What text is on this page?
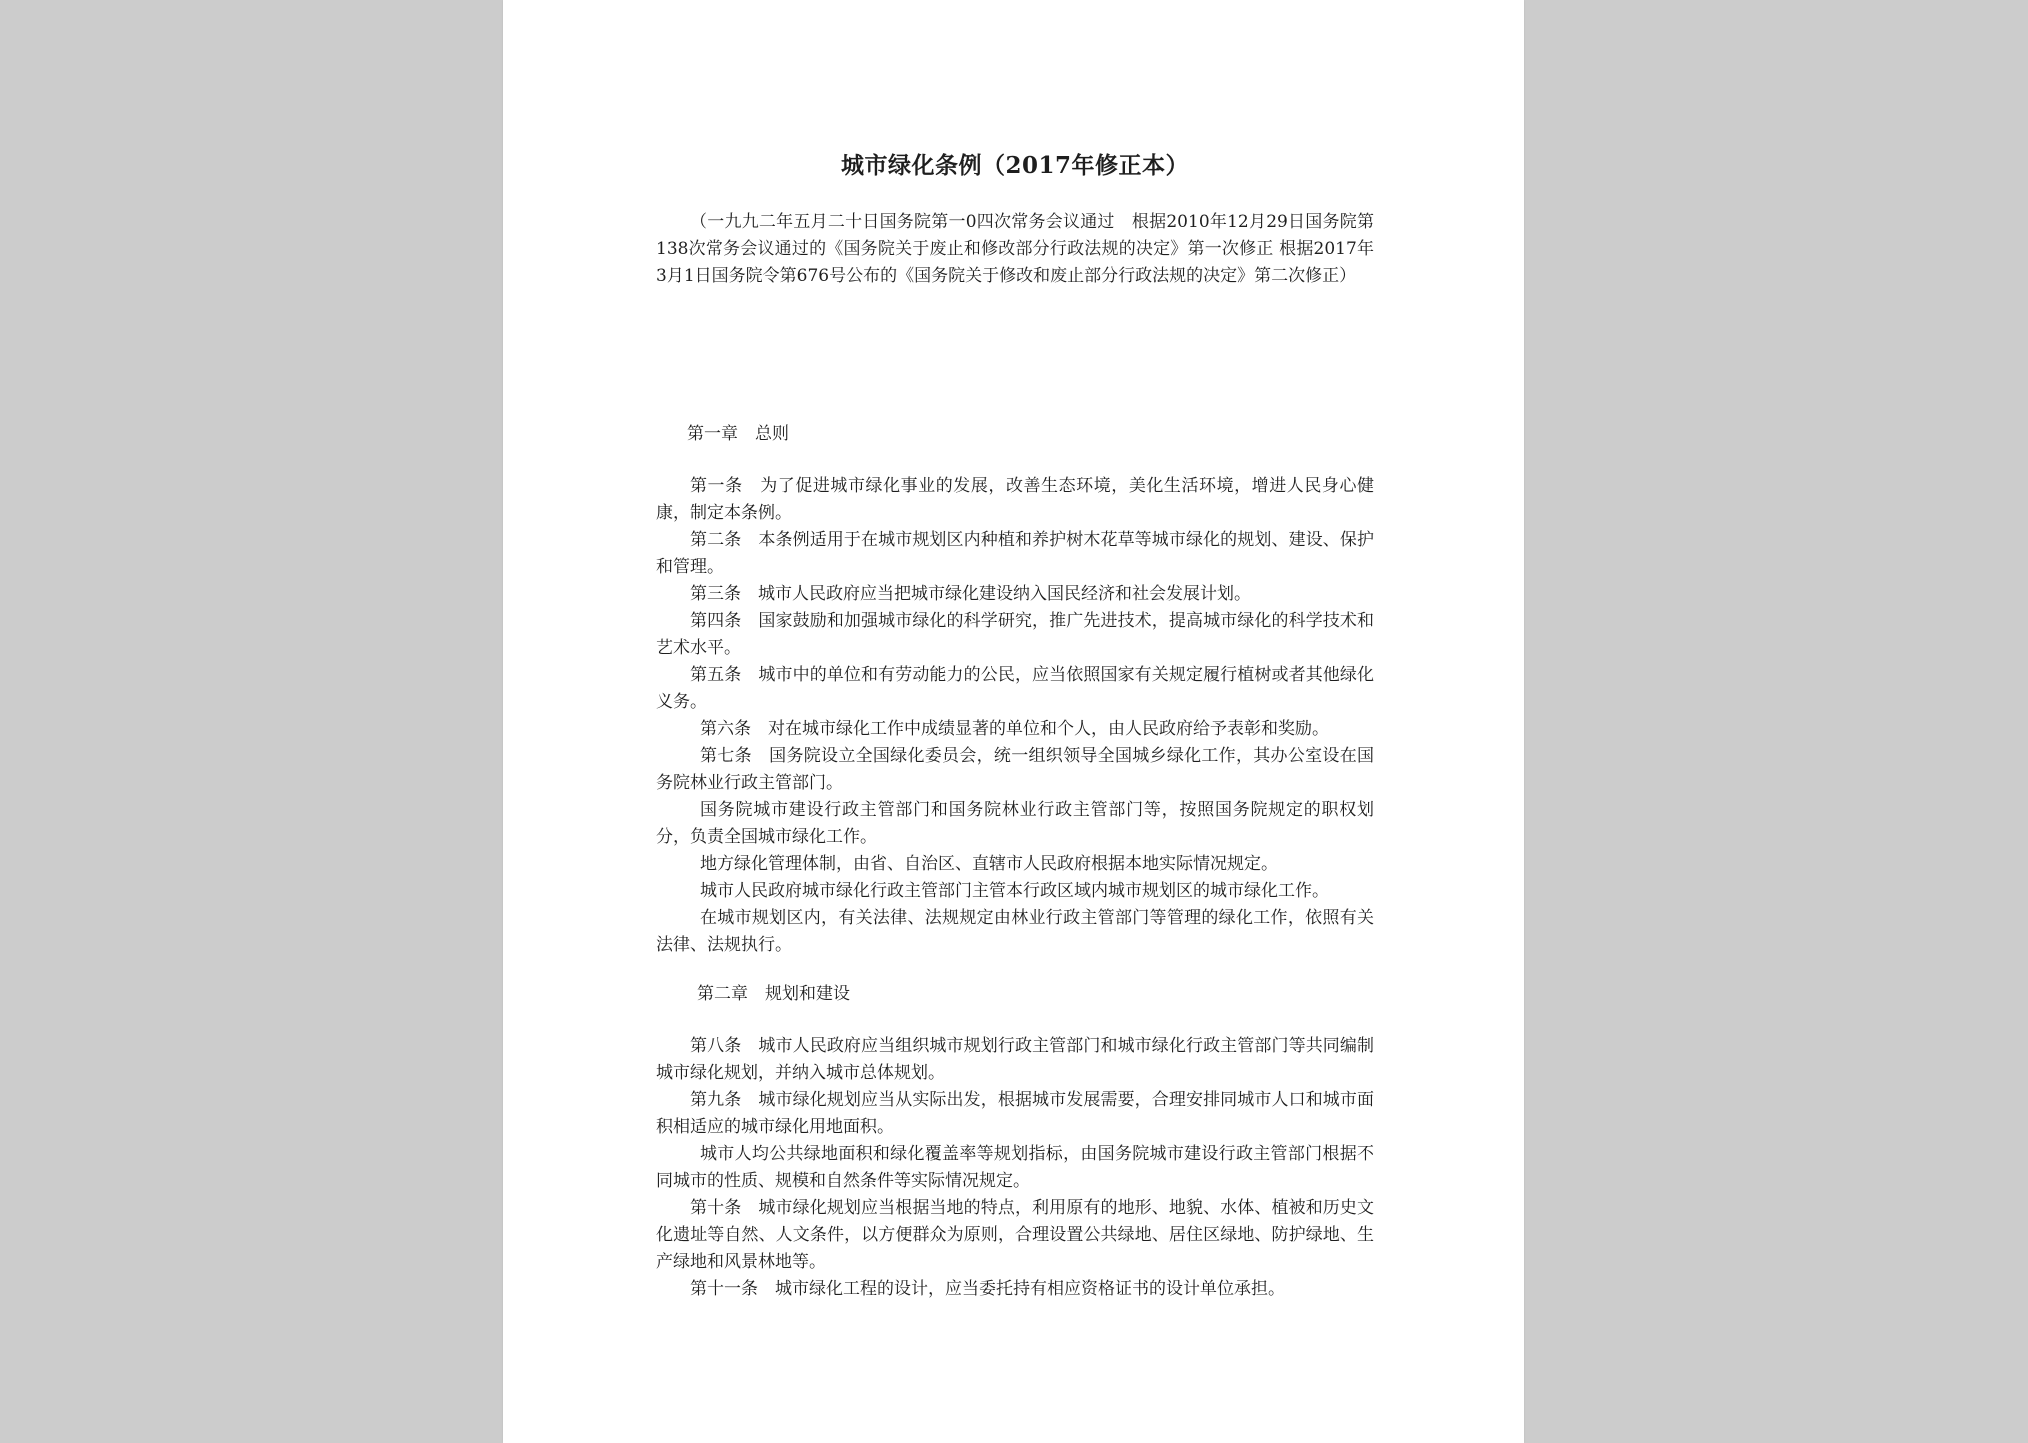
城市绿化条例（2017年修正本）

（一九九二年五月二十日国务院第一0四次常务会议通过　根据2010年12月29日国务院第138次常务会议通过的《国务院关于废止和修改部分行政法规的决定》第一次修正 根据2017年3月1日国务院令第676号公布的《国务院关于修改和废止部分行政法规的决定》第二次修正）

第一章　总则

第一条　为了促进城市绿化事业的发展，改善生态环境，美化生活环境，增进人民身心健康，制定本条例。

第二条　本条例适用于在城市规划区内种植和养护树木花草等城市绿化的规划、建设、保护和管理。

第三条　城市人民政府应当把城市绿化建设纳入国民经济和社会发展计划。

第四条　国家鼓励和加强城市绿化的科学研究，推广先进技术，提高城市绿化的科学技术和艺术水平。

第五条　城市中的单位和有劳动能力的公民，应当依照国家有关规定履行植树或者其他绿化义务。

第六条　对在城市绿化工作中成绩显著的单位和个人，由人民政府给予表彰和奖励。

第七条　国务院设立全国绿化委员会，统一组织领导全国城乡绿化工作，其办公室设在国务院林业行政主管部门。

国务院城市建设行政主管部门和国务院林业行政主管部门等，按照国务院规定的职权划分，负责全国城市绿化工作。

地方绿化管理体制，由省、自治区、直辖市人民政府根据本地实际情况规定。

城市人民政府城市绿化行政主管部门主管本行政区域内城市规划区的城市绿化工作。

在城市规划区内，有关法律、法规规定由林业行政主管部门等管理的绿化工作，依照有关法律、法规执行。

第二章　规划和建设

第八条　城市人民政府应当组织城市规划行政主管部门和城市绿化行政主管部门等共同编制城市绿化规划，并纳入城市总体规划。

第九条　城市绿化规划应当从实际出发，根据城市发展需要，合理安排同城市人口和城市面积相适应的城市绿化用地面积。

城市人均公共绿地面积和绿化覆盖率等规划指标，由国务院城市建设行政主管部门根据不同城市的性质、规模和自然条件等实际情况规定。

第十条　城市绿化规划应当根据当地的特点，利用原有的地形、地貌、水体、植被和历史文化遗址等自然、人文条件，以方便群众为原则，合理设置公共绿地、居住区绿地、防护绿地、生产绿地和风景林地等。

第十一条　城市绿化工程的设计，应当委托持有相应资格证书的设计单位承担。
